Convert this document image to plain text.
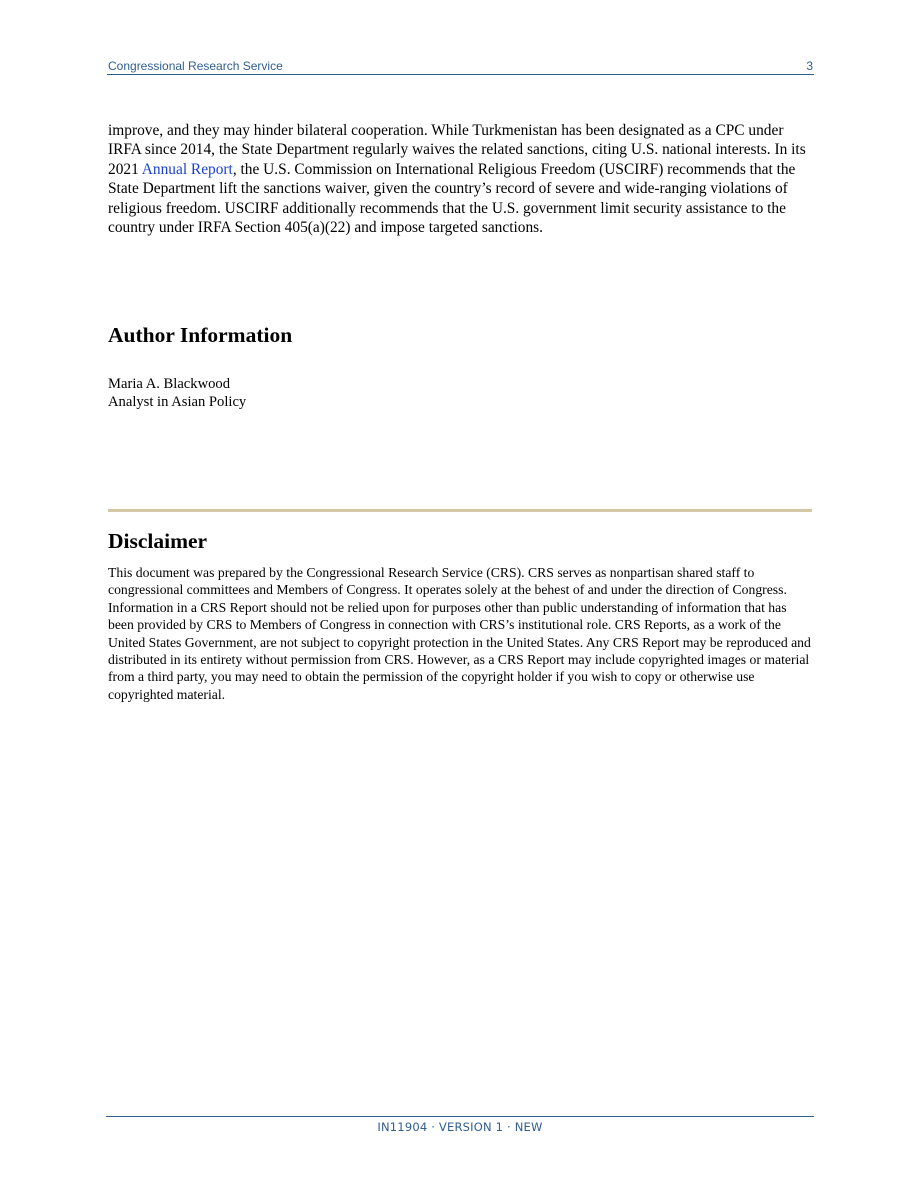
Congressional Research Service	3

improve, and they may hinder bilateral cooperation. While Turkmenistan has been designated as a CPC under IRFA since 2014, the State Department regularly waives the related sanctions, citing U.S. national interests. In its 2021 Annual Report, the U.S. Commission on International Religious Freedom (USCIRF) recommends that the State Department lift the sanctions waiver, given the country’s record of severe and wide-ranging violations of religious freedom. USCIRF additionally recommends that the U.S. government limit security assistance to the country under IRFA Section 405(a)(22) and impose targeted sanctions.

Author Information
Maria A. Blackwood
Analyst in Asian Policy
Disclaimer

This document was prepared by the Congressional Research Service (CRS). CRS serves as nonpartisan shared staff to congressional committees and Members of Congress. It operates solely at the behest of and under the direction of Congress. Information in a CRS Report should not be relied upon for purposes other than public understanding of information that has been provided by CRS to Members of Congress in connection with CRS’s institutional role. CRS Reports, as a work of the United States Government, are not subject to copyright protection in the United States. Any CRS Report may be reproduced and distributed in its entirety without permission from CRS. However, as a CRS Report may include copyrighted images or material from a third party, you may need to obtain the permission of the copyright holder if you wish to copy or otherwise use copyrighted material.

IN11904 · VERSION 1 · NEW
